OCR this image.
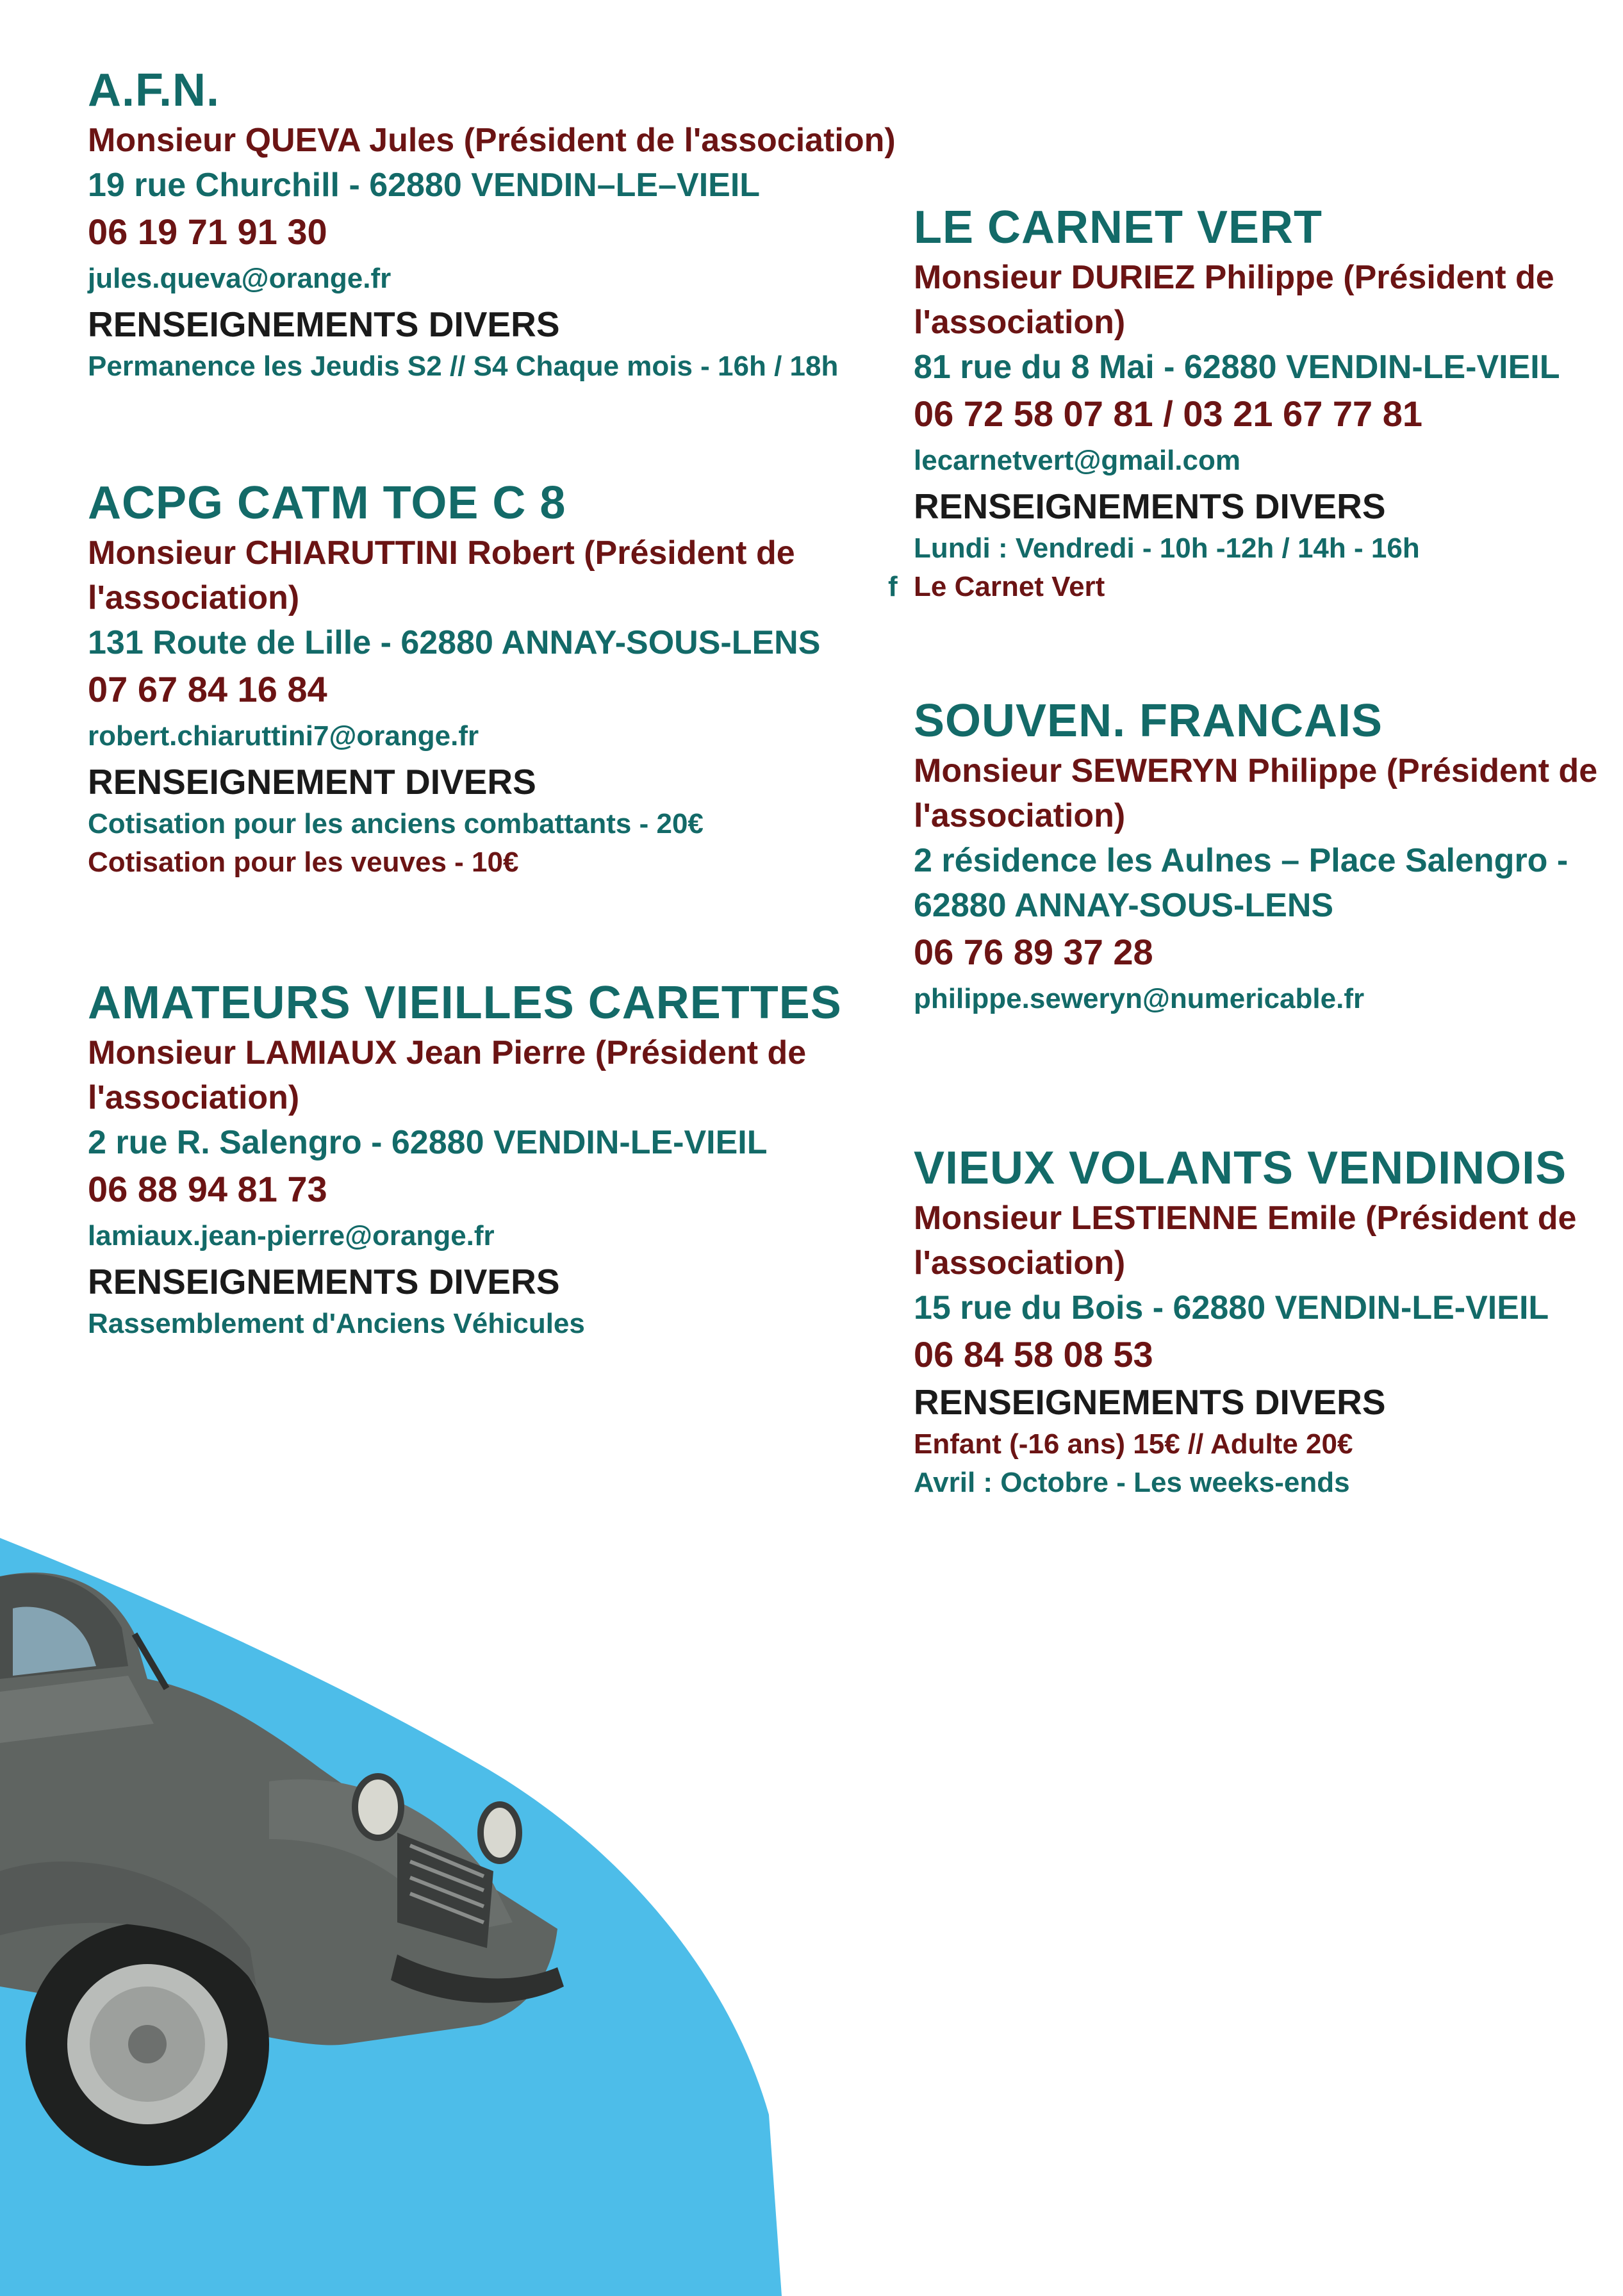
A.F.N.
Monsieur QUEVA Jules (Président de l'association)
19 rue Churchill - 62880 VENDIN–LE–VIEIL
06 19 71 91 30
jules.queva@orange.fr
RENSEIGNEMENTS DIVERS
Permanence les Jeudis S2 // S4 Chaque mois - 16h / 18h
ACPG CATM TOE C 8
Monsieur CHIARUTTINI Robert (Président de
l'association)
131 Route de Lille - 62880 ANNAY-SOUS-LENS
07 67 84 16 84
robert.chiaruttini7@orange.fr
RENSEIGNEMENT DIVERS
Cotisation pour les anciens combattants - 20€
Cotisation pour les veuves - 10€
AMATEURS VIEILLES CARETTES
Monsieur LAMIAUX Jean Pierre (Président de
l'association)
2 rue R. Salengro - 62880 VENDIN-LE-VIEIL
06 88 94 81 73
lamiaux.jean-pierre@orange.fr
RENSEIGNEMENTS DIVERS
Rassemblement d'Anciens Véhicules
LE CARNET VERT
Monsieur DURIEZ Philippe (Président de
l'association)
81 rue du 8 Mai - 62880 VENDIN-LE-VIEIL
06 72 58 07 81 / 03 21 67 77 81
lecarnetvert@gmail.com
RENSEIGNEMENTS DIVERS
Lundi : Vendredi - 10h -12h / 14h - 16h
f Le Carnet Vert
SOUVEN. FRANCAIS
Monsieur SEWERYN Philippe (Président de
l'association)
2 résidence les Aulnes – Place Salengro -
62880 ANNAY-SOUS-LENS
06 76 89 37 28
philippe.seweryn@numericable.fr
VIEUX VOLANTS VENDINOIS
Monsieur LESTIENNE Emile (Président de
l'association)
15 rue du Bois - 62880 VENDIN-LE-VIEIL
06 84 58 08 53
RENSEIGNEMENTS DIVERS
Enfant (-16 ans) 15€ // Adulte 20€
Avril : Octobre - Les weeks-ends
